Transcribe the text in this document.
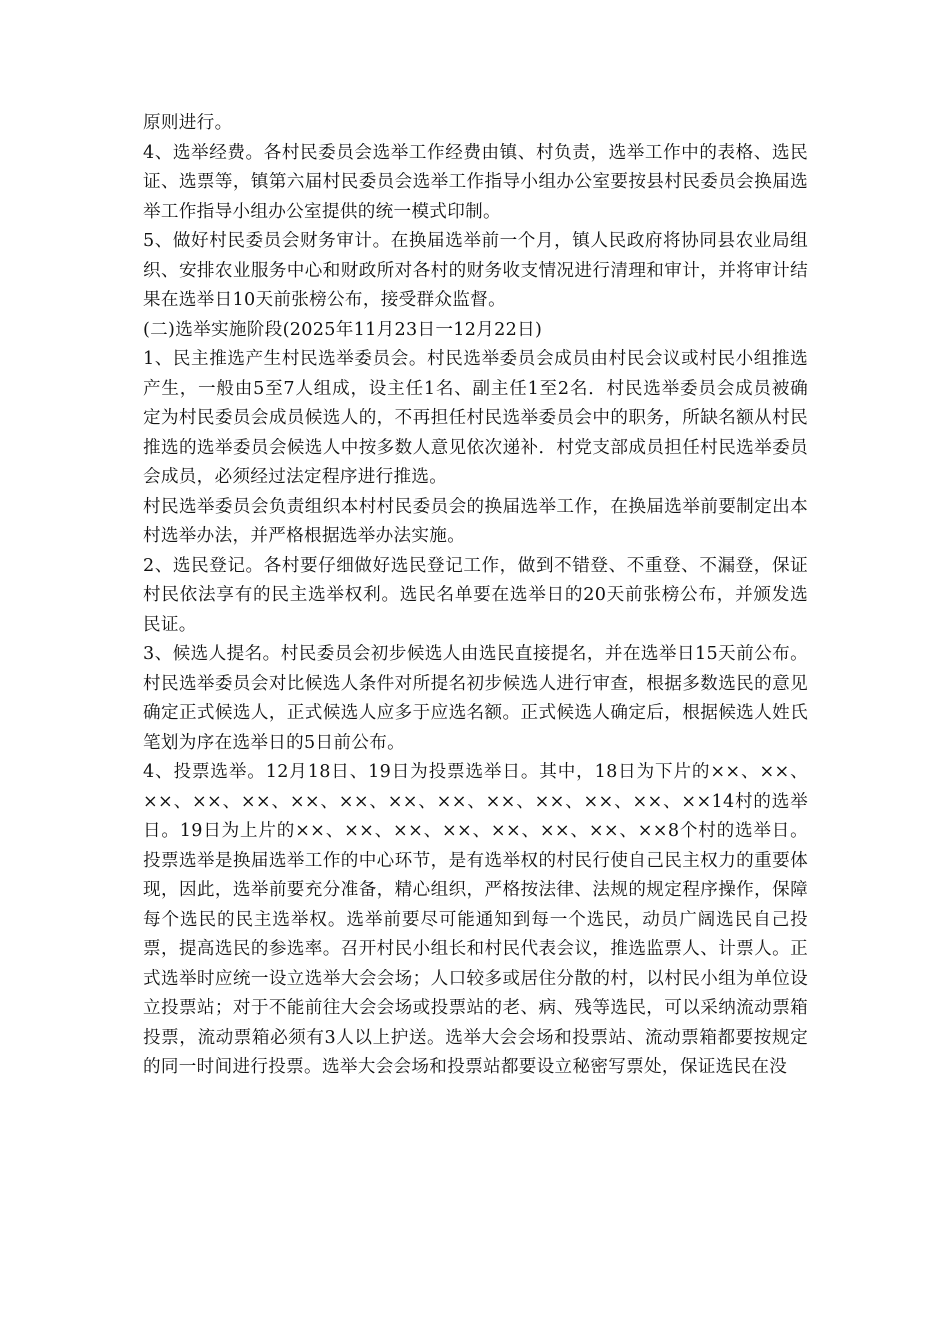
原则进行。

4、选举经费。各村民委员会选举工作经费由镇、村负责，选举工作中的表格、选民证、选票等，镇第六届村民委员会选举工作指导小组办公室要按县村民委员会换届选举工作指导小组办公室提供的统一模式印制。

5、做好村民委员会财务审计。在换届选举前一个月，镇人民政府将协同县农业局组织、安排农业服务中心和财政所对各村的财务收支情况进行清理和审计，并将审计结果在选举日10天前张榜公布，接受群众监督。

(二)选举实施阶段(2025年11月23日一12月22日)

1、民主推选产生村民选举委员会。村民选举委员会成员由村民会议或村民小组推选产生，一般由5至7人组成，设主任1名、副主任1至2名．村民选举委员会成员被确定为村民委员会成员候选人的，不再担任村民选举委员会中的职务，所缺名额从村民推选的选举委员会候选人中按多数人意见依次递补．村党支部成员担任村民选举委员会成员，必须经过法定程序进行推选。

村民选举委员会负责组织本村村民委员会的换届选举工作，在换届选举前要制定出本村选举办法，并严格根据选举办法实施。

2、选民登记。各村要仔细做好选民登记工作，做到不错登、不重登、不漏登，保证村民依法享有的民主选举权利。选民名单要在选举日的20天前张榜公布，并颁发选民证。

3、候选人提名。村民委员会初步候选人由选民直接提名，并在选举日15天前公布。村民选举委员会对比候选人条件对所提名初步候选人进行审查，根据多数选民的意见确定正式候选人，正式候选人应多于应选名额。正式候选人确定后，根据候选人姓氏笔划为序在选举日的5日前公布。

4、投票选举。12月18日、19日为投票选举日。其中，18日为下片的××、××、××、××、××、××、××、××、××、××、××、××、××、××14村的选举日。19日为上片的××、××、××、××、××、××、××、××8个村的选举日。投票选举是换届选举工作的中心环节，是有选举权的村民行使自己民主权力的重要体现，因此，选举前要充分准备，精心组织，严格按法律、法规的规定程序操作，保障每个选民的民主选举权。选举前要尽可能通知到每一个选民，动员广阔选民自己投票，提高选民的参选率。召开村民小组长和村民代表会议，推选监票人、计票人。正式选举时应统一设立选举大会会场；人口较多或居住分散的村，以村民小组为单位设立投票站；对于不能前往大会会场或投票站的老、病、残等选民，可以采纳流动票箱投票，流动票箱必须有3人以上护送。选举大会会场和投票站、流动票箱都要按规定的同一时间进行投票。选举大会会场和投票站都要设立秘密写票处，保证选民在没
